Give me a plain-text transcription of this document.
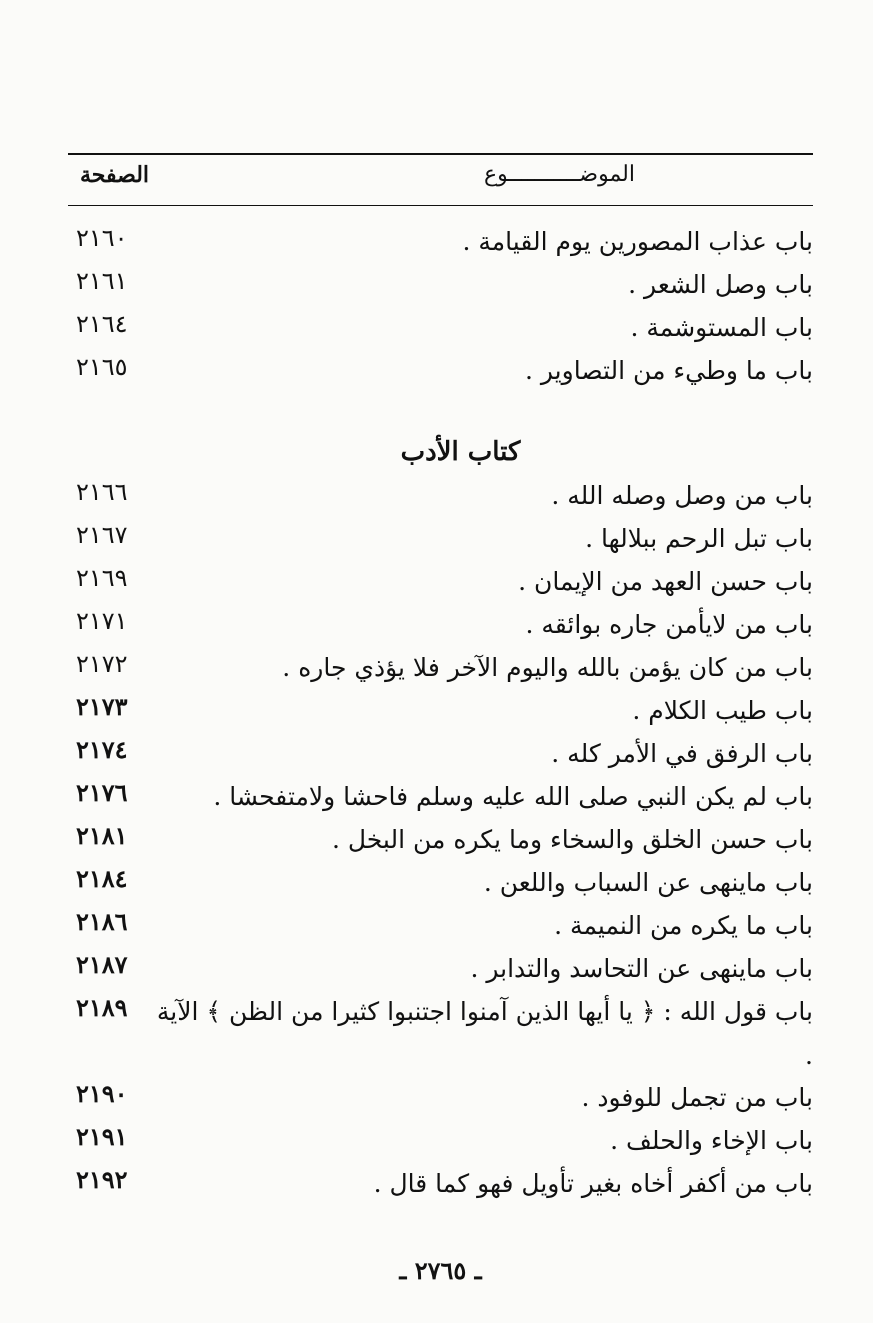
الموضـــــــــــوع
الصفحة
باب عذاب المصورين يوم القيامة .
٢١٦٠
باب وصل الشعر .
٢١٦١
باب المستوشمة .
٢١٦٤
باب ما وطيء من التصاوير .
٢١٦٥
كتاب الأدب
باب من وصل وصله الله .
٢١٦٦
باب تبل الرحم ببلالها .
٢١٦٧
باب حسن العهد من الإيمان .
٢١٦٩
باب من لايأمن جاره بوائقه .
٢١٧١
باب من كان يؤمن بالله واليوم الآخر فلا يؤذي جاره .
٢١٧٢
باب طيب الكلام .
٢١٧٣
باب الرفق في الأمر كله .
٢١٧٤
باب لم يكن النبي صلى الله عليه وسلم فاحشا ولامتفحشا .
٢١٧٦
باب حسن الخلق والسخاء وما يكره من البخل .
٢١٨١
باب ماينهى عن السباب واللعن .
٢١٨٤
باب ما يكره من النميمة .
٢١٨٦
باب ماينهى عن التحاسد والتدابر .
٢١٨٧
باب قول الله : ﴿ يا أيها الذين آمنوا اجتنبوا كثيرا من الظن ﴾ الآية .
٢١٨٩
باب من تجمل للوفود .
٢١٩٠
باب الإخاء والحلف .
٢١٩١
باب من أكفر أخاه بغير تأويل فهو كما قال .
٢١٩٢
ـ ٢٧٦٥ ـ
